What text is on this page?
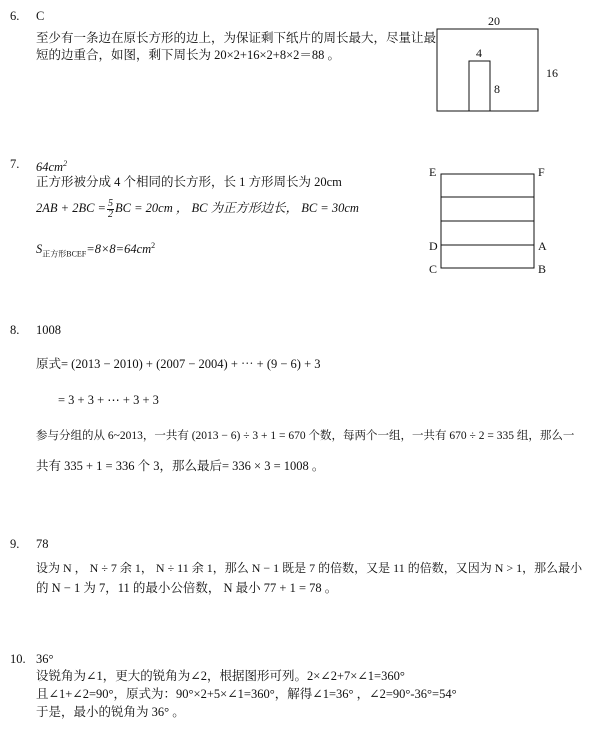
6. C
至少有一条边在原长方形的边上，为保证剩下纸片的周长最大，尽量让最
短的边重合，如图，剩下周长为 20×2+16×2+8×2＝88 。
20
16
4
8
7. $64cm^2$
正方形被分成 4 个相同的长方形，长 1 方形周长为 20cm
$2AB + 2BC = \frac{5}{2}$ BC = 20cm ， BC 为正方形边长， BC = 30cm
$S_{正方形BCEF}=8\times 8=64cm^2$
E	F
D	A
C	B
8. 1008
原式= (2013 − 2010) + (2007 − 2004) + ⋯ + (9 − 6) + 3
= 3 + 3 + ⋯ + 3 + 3
参与分组的从 6~2013，一共有 (2013 − 6) ÷ 3 + 1 = 670 个数，每两个一组，一共有 670 ÷ 2 = 335 组，那么一
共有 335 + 1 = 336 个 3，那么最后= 336 × 3 = 1008 。
9. 78
设为 N ， N ÷ 7 余 1， N ÷ 11 余 1，那么 N − 1 既是 7 的倍数，又是 11 的倍数，又因为 N > 1，那么最小
的 N − 1 为 7，11 的最小公倍数， N 最小 77 + 1 = 78 。
10. 36°
设锐角为∠1，更大的锐角为∠2，根据图形可列。2×∠2+7×∠1=360°
且∠1+∠2=90°，原式为：90°×2+5×∠1=360°，解得∠1=36° ，∠2=90°-36°=54°
于是，最小的锐角为 36° 。
